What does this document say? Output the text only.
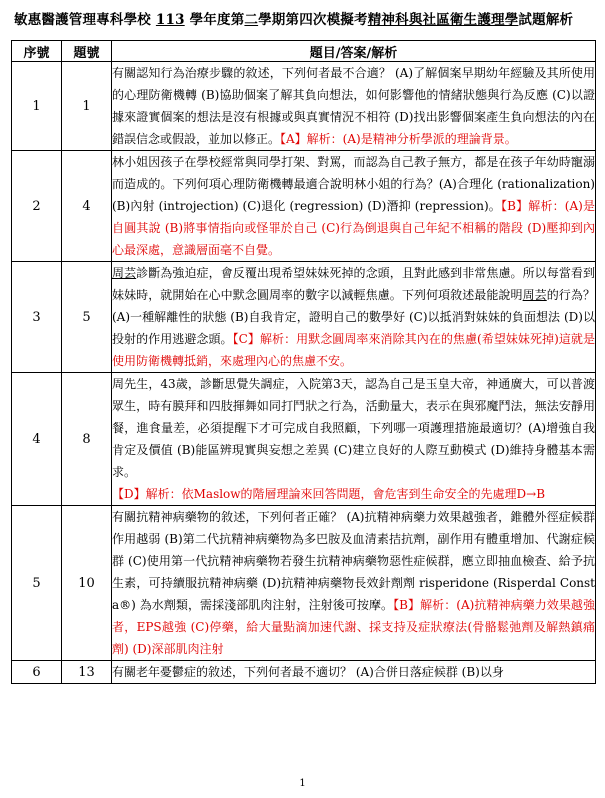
敏惠醫護管理專科學校 113 學年度第二學期第四次模擬考精神科與社區衛生護理學試題解析
序號	題號	題目/答案/解析
1	1	有關認知行為治療步驟的敘述，下列何者最不合適？ (A)了解個案早期幼年經驗及其所使用的心理防衛機轉 (B)協助個案了解其負向想法，如何影響他的情緒狀態與行為反應 (C)以證據來證實個案的想法是沒有根據或與真實情況不相符 (D)找出影響個案產生負向想法的內在錯誤信念或假設，並加以修正。【A】解析：(A)是精神分析學派的理論背景。
2	4	林小姐因孩子在學校經常與同學打架、對罵，而認為自己教子無方，都是在孩子年幼時寵溺而造成的。下列何項心理防衛機轉最適合說明林小姐的行為？(A)合理化 (rationalization) (B)內射 (introjection) (C)退化 (regression) (D)潛抑 (repression)。【B】解析：(A)是自圓其說 (B)將事情指向或怪罪於自己 (C)行為倒退與自己年紀不相稱的階段 (D)壓抑到內心最深處，意識層面毫不自覺。
3	5	周芸診斷為強迫症，會反覆出現希望妹妹死掉的念頭，且對此感到非常焦慮。所以每當看到妹妹時，就開始在心中默念圓周率的數字以減輕焦慮。下列何項敘述最能說明周芸的行為？ (A)一種解離性的狀態 (B)自我肯定，證明自己的數學好 (C)以抵消對妹妹的負面想法 (D)以投射的作用逃避念頭。【C】解析：用默念圓周率來消除其內在的焦慮(希望妹妹死掉)這就是使用防衛機轉抵銷，來處理內心的焦慮不安。
4	8	周先生，43歲，診斷思覺失調症，入院第3天，認為自己是玉皇大帝，神通廣大，可以普渡眾生，時有膜拜和四肢揮舞如同打鬥狀之行為，活動量大，表示在與邪魔鬥法，無法安靜用餐，進食量差，必須提醒下才可完成自我照顧，下列哪一項護理措施最適切？(A)增強自我肯定及價值 (B)能區辨現實與妄想之差異 (C)建立良好的人際互動模式 (D)維持身體基本需求。
【D】解析：依Maslow的階層理論來回答問題，會危害到生命安全的先處理D→B
5	10	有關抗精神病藥物的敘述，下列何者正確？ (A)抗精神病藥力效果越強者，錐體外徑症候群作用越弱 (B)第二代抗精神病藥物為多巴胺及血清素拮抗劑，副作用有體重增加、代謝症候群 (C)使用第一代抗精神病藥物若發生抗精神病藥物惡性症候群，應立即抽血檢查、給予抗生素，可持續服抗精神病藥 (D)抗精神病藥物長效針劑劑 risperidone (Risperdal Consta®) 為水劑類，需採淺部肌肉注射，注射後可按摩。【B】解析：(A)抗精神病藥力效果越強者，EPS越強 (C)停藥，給大量點滴加速代謝、採支持及症狀療法(骨骼鬆弛劑及解熱鎮痛劑) (D)深部肌肉注射
6	13	有關老年憂鬱症的敘述，下列何者最不適切？ (A)合併日落症候群 (B)以身
1
